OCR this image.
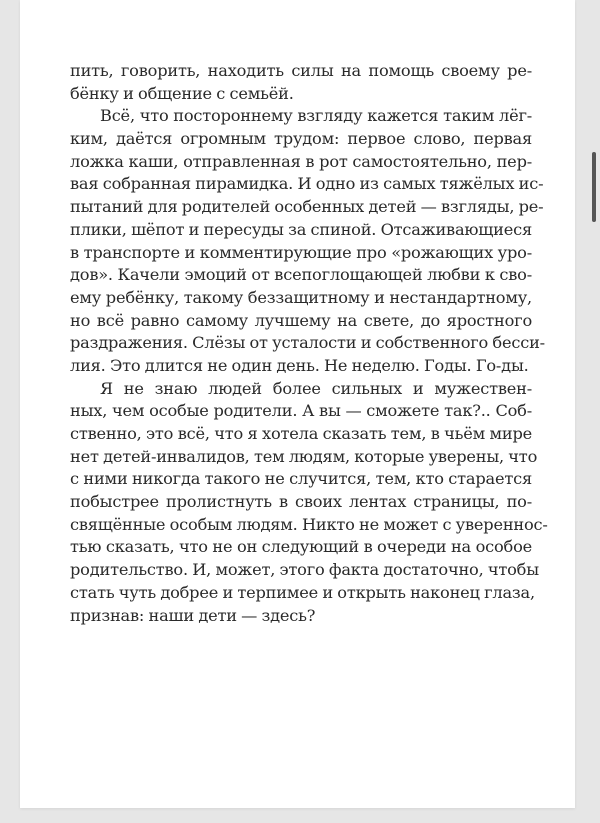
пить, говорить, находить силы на помощь своему ре-
бёнку и общение с семьёй.
Всё, что постороннему взгляду кажется таким лёг-
ким, даётся огромным трудом: первое слово, первая
ложка каши, отправленная в рот самостоятельно, пер-
вая собранная пирамидка. И одно из самых тяжёлых ис-
пытаний для родителей особенных детей — взгляды, ре-
плики, шёпот и пересуды за спиной. Отсаживающиеся
в транспорте и комментирующие про «рожающих уро-
дов». Качели эмоций от всепоглощающей любви к сво-
ему ребёнку, такому беззащитному и нестандартному,
но всё равно самому лучшему на свете, до яростного
раздражения. Слёзы от усталости и собственного бесси-
лия. Это длится не один день. Не неделю. Годы. Го-ды.
Я не знаю людей более сильных и мужествен-
ных, чем особые родители. А вы — сможете так?.. Соб-
ственно, это всё, что я хотела сказать тем, в чьём мире
нет детей-инвалидов, тем людям, которые уверены, что
с ними никогда такого не случится, тем, кто старается
побыстрее пролистнуть в своих лентах страницы, по-
свящённые особым людям. Никто не может с увереннос-
тью сказать, что не он следующий в очереди на особое
родительство. И, может, этого факта достаточно, чтобы
стать чуть добрее и терпимее и открыть наконец глаза,
признав: наши дети — здесь?
